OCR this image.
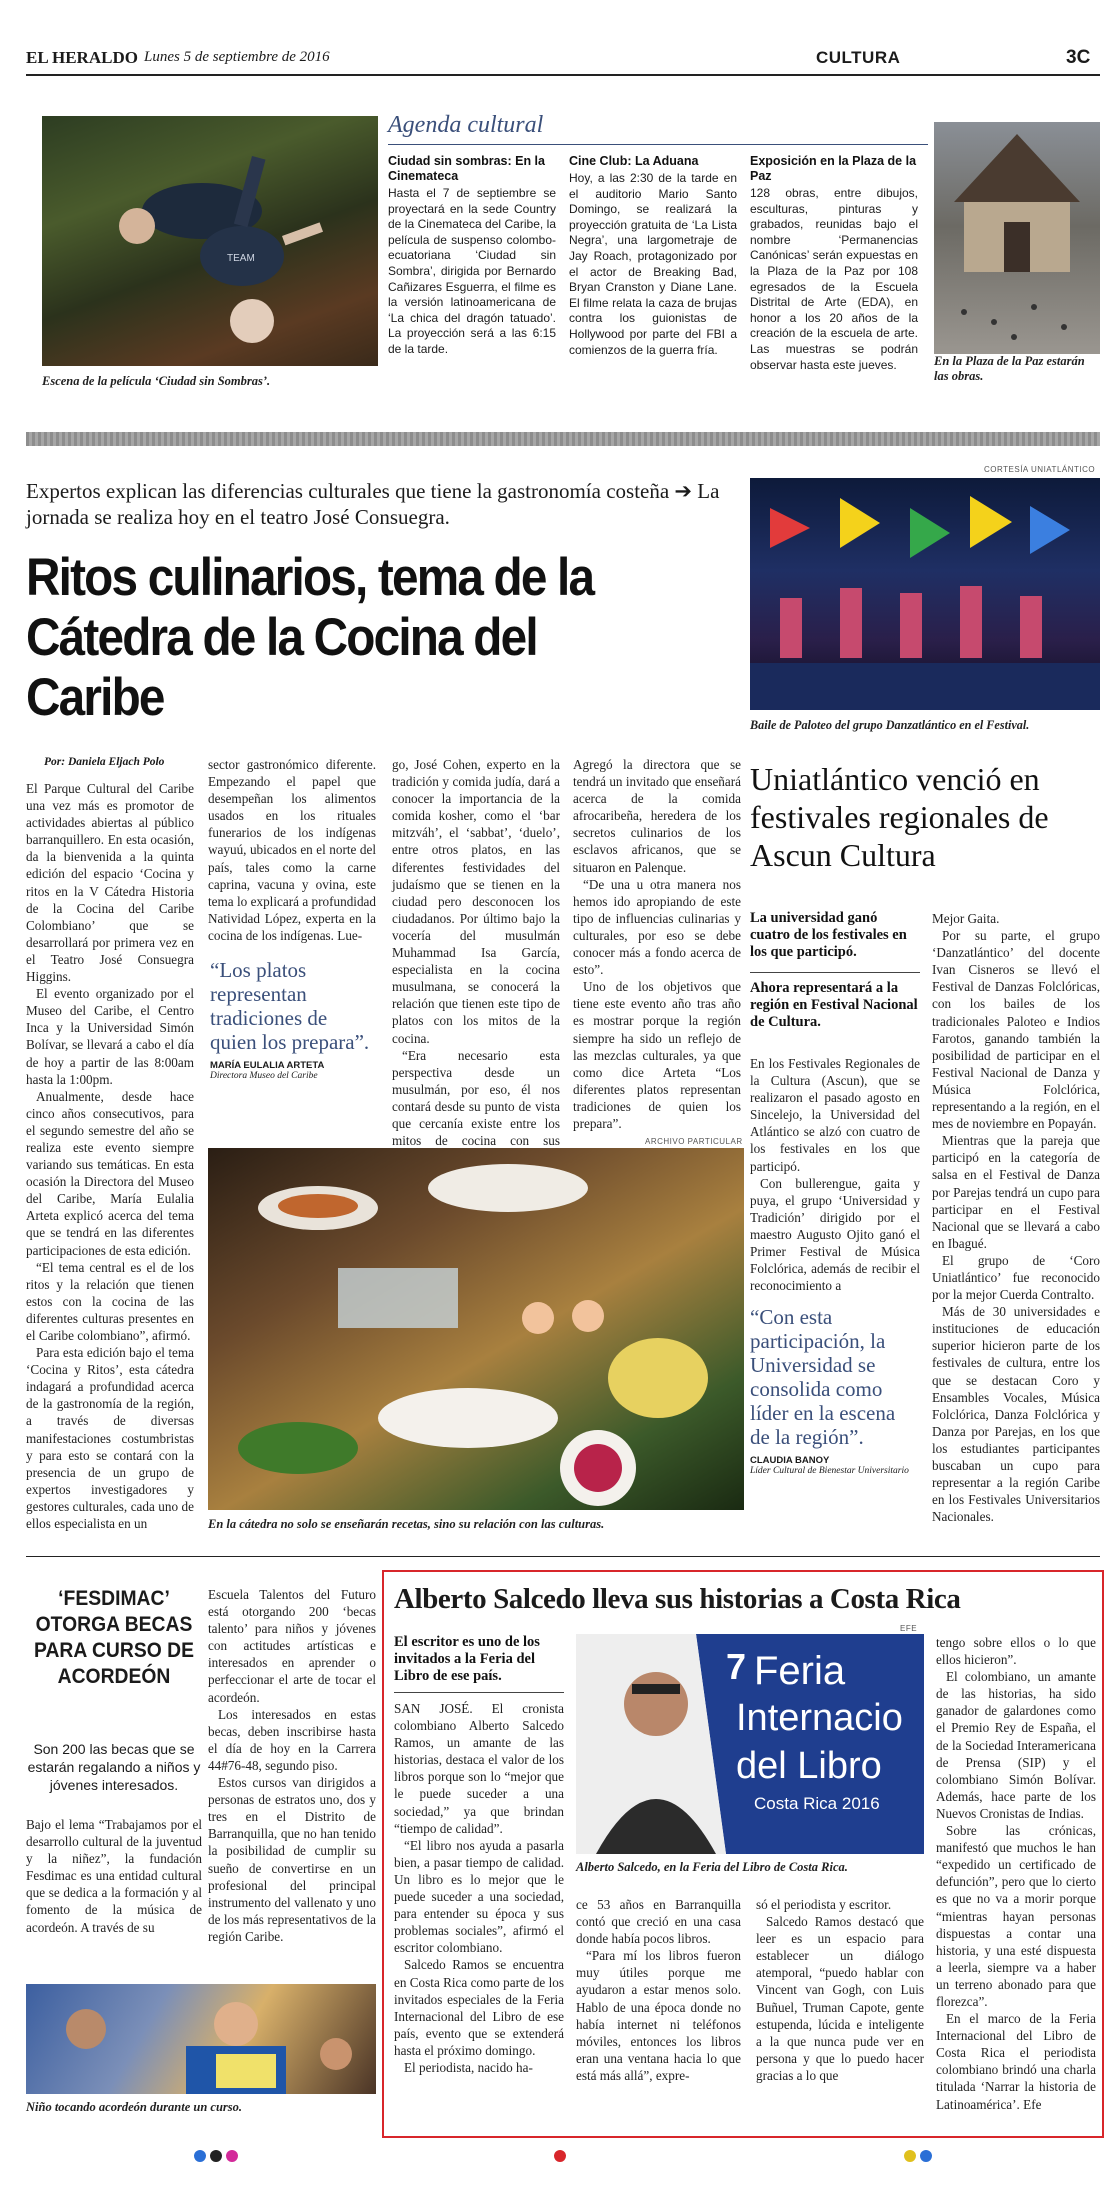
EL HERALDO Lunes 5 de septiembre de 2016	CULTURA	3C
TEAM
Escena de la película ‘Ciudad sin Sombras’.
Agenda cultural
Ciudad sin sombras: En la Cinemateca
Hasta el 7 de septiembre se proyectará en la sede Country de la Cinemateca del Caribe, la película de suspenso colombo-ecuatoriana ‘Ciudad sin Sombra’, dirigida por Bernardo Cañizares Esguerra, el filme es la versión latinoamericana de ‘La chica del dragón tatuado’. La proyección será a las 6:15 de la tarde.
Cine Club: La Aduana
Hoy, a las 2:30 de la tarde en el auditorio Mario Santo Domingo, se realizará la proyección gratuita de ‘La Lista Negra’, una largometraje de Jay Roach, protagonizado por el actor de Breaking Bad, Bryan Cranston y Diane Lane. El filme relata la caza de brujas contra los guionistas de Hollywood por parte del FBI a comienzos de la guerra fría.
Exposición en la Plaza de la Paz
128 obras, entre dibujos, esculturas, pinturas y grabados, reunidas bajo el nombre ‘Permanencias Canónicas’ serán expuestas en la Plaza de la Paz por 108 egresados de la Escuela Distrital de Arte (EDA), en honor a los 20 años de la creación de la escuela de arte. Las muestras se podrán observar hasta este jueves.	En la Plaza de la Paz estarán las obras.
Expertos explican las diferencias culturales que tiene la gastronomía costeña ➔ La jornada se realiza hoy en el teatro José Consuegra.
Ritos culinarios, tema de la Cátedra de la Cocina del Caribe
CORTESÍA UNIATLÁNTICO
Baile de Paloteo del grupo Danzatlántico en el Festival.
Por: Daniela Eljach Polo

El Parque Cultural del Caribe una vez más es promotor de actividades abiertas al público barranquillero. En esta ocasión, da la bienvenida a la quinta edición del espacio ‘Cocina y ritos en la V Cátedra Historia de la Cocina del Caribe Colombiano’ que se desarrollará por primera vez en el Teatro José Consuegra Higgins.

El evento organizado por el Museo del Caribe, el Centro Inca y la Universidad Simón Bolívar, se llevará a cabo el día de hoy a partir de las 8:00am hasta la 1:00pm.

Anualmente, desde hace cinco años consecutivos, para el segundo semestre del año se realiza este evento siempre variando sus temáticas. En esta ocasión la Directora del Museo del Caribe, María Eulalia Arteta explicó acerca del tema que se tendrá en las diferentes participaciones de esta edición.

“El tema central es el de los ritos y la relación que tienen estos con la cocina de las diferentes culturas presentes en el Caribe colombiano”, afirmó.

Para esta edición bajo el tema ‘Cocina y Ritos’, esta cátedra indagará a profundidad acerca de la gastronomía de la región, a través de diversas manifestaciones costumbristas y para esto se contará con la presencia de un grupo de expertos investigadores y gestores culturales, cada uno de ellos especialista en un

sector gastronómico diferente. Empezando el papel que desempeñan los alimentos usados en los rituales funerarios de los indígenas wayuú, ubicados en el norte del país, tales como la carne caprina, vacuna y ovina, este tema lo explicará a profundidad Natividad López, experta en la cocina de los indígenas. Lue-

go, José Cohen, experto en la tradición y comida judía, dará a conocer la importancia de la comida kosher, como el ‘bar mitzváh’, el ‘sabbat’, ‘duelo’, entre otros platos, en las diferentes festividades del judaísmo que se tienen en la ciudad pero desconocen los ciudadanos. Por último bajo la vocería del musulmán Muhammad Isa García, especialista en la cocina musulmana, se conocerá la relación que tienen este tipo de platos con los mitos de la cocina.

“Era necesario esta perspectiva desde un musulmán, por eso, él nos contará desde su punto de vista que cercanía existe entre los mitos de cocina con sus

Agregó la directora que se tendrá un invitado que enseñará acerca de la comida afrocaribeña, heredera de los secretos culinarios de los esclavos africanos, que se situaron en Palenque.

“De una u otra manera nos hemos ido apropiando de este tipo de influencias culinarias y culturales, por eso se debe conocer más a fondo acerca de esto”.

Uno de los objetivos que tiene este evento año tras año es mostrar porque la región siempre ha sido un reflejo de las mezclas culturales, ya que como dice Arteta “Los diferentes platos representan tradiciones de quien los prepara”.

“Los platos representan tradiciones de quien los prepara”.
MARÍA EULALIA ARTETA
Directora Museo del Caribe
ARCHIVO PARTICULAR
En la cátedra no solo se enseñarán recetas, sino su relación con las culturas.
Uniatlántico venció en festivales regionales de Ascun Cultura
La universidad ganó cuatro de los festivales en los que participó.
Ahora representará a la región en Festival Nacional de Cultura.

En los Festivales Regionales de la Cultura (Ascun), que se realizaron el pasado agosto en Sincelejo, la Universidad del Atlántico se alzó con cuatro de los festivales en los que participó.

Con bullerengue, gaita y puya, el grupo ‘Universidad y Tradición’ dirigido por el maestro Augusto Ojito ganó el Primer Festival de Música Folclórica, además de recibir el reconocimiento a

“Con esta participación, la Universidad se consolida como líder en la escena de la región”.
CLAUDIA BANOY
Líder Cultural de Bienestar Universitario

Mejor Gaita.

Por su parte, el grupo ‘Danzatlántico’ del docente Ivan Cisneros se llevó el Festival de Danzas Folclóricas, con los bailes de los tradicionales Paloteo e Indios Farotos, ganando también la posibilidad de participar en el Festival Nacional de Danza y Música Folclórica, representando a la región, en el mes de noviembre en Popayán.

Mientras que la pareja que participó en la categoría de salsa en el Festival de Danza por Parejas tendrá un cupo para participar en el Festival Nacional que se llevará a cabo en Ibagué.

El grupo de ‘Coro Uniatlántico’ fue reconocido por la mejor Cuerda Contralto.

Más de 30 universidades e instituciones de educación superior hicieron parte de los festivales de cultura, entre los que se destacan Coro y Ensambles Vocales, Música Folclórica, Danza Folclórica y Danza por Parejas, en los que los estudiantes participantes buscaban un cupo para representar a la región Caribe en los Festivales Universitarios Nacionales.

‘FESDIMAC’ OTORGA BECAS PARA CURSO DE ACORDEÓN
Son 200 las becas que se estarán regalando a niños y jóvenes interesados.

Bajo el lema “Trabajamos por el desarrollo cultural de la juventud y la niñez”, la fundación Fesdimac es una entidad cultural que se dedica a la formación y al fomento de la música de acordeón. A través de su

Escuela Talentos del Futuro está otorgando 200 ‘becas talento’ para niños y jóvenes con actitudes artísticas e interesados en aprender o perfeccionar el arte de tocar el acordeón.

Los interesados en estas becas, deben inscribirse hasta el día de hoy en la Carrera 44#76-48, segundo piso.

Estos cursos van dirigidos a personas de estratos uno, dos y tres en el Distrito de Barranquilla, que no han tenido la posibilidad de cumplir su sueño de convertirse en un profesional del principal instrumento del vallenato y uno de los más representativos de la región Caribe.

Niño tocando acordeón durante un curso.
Alberto Salcedo lleva sus historias a Costa Rica
EFE
El escritor es uno de los invitados a la Feria del Libro de ese país.

SAN JOSÉ. El cronista colombiano Alberto Salcedo Ramos, un amante de las historias, destaca el valor de los libros porque son lo “mejor que le puede suceder a una sociedad,” ya que brindan “tiempo de calidad”.

“El libro nos ayuda a pasarla bien, a pasar tiempo de calidad. Un libro es lo mejor que le puede suceder a una sociedad, para entender su época y sus problemas sociales”, afirmó el escritor colombiano.

Salcedo Ramos se encuentra en Costa Rica como parte de los invitados especiales de la Feria Internacional del Libro de ese país, evento que se extenderá hasta el próximo domingo.

El periodista, nacido ha-

7 Feria
Internacio
del Libro
Costa Rica 2016
Alberto Salcedo, en la Feria del Libro de Costa Rica.

ce 53 años en Barranquilla contó que creció en una casa donde había pocos libros.

“Para mí los libros fueron muy útiles porque me ayudaron a estar menos solo. Hablo de una época donde no había internet ni teléfonos móviles, entonces los libros eran una ventana hacia lo que está más allá”, expre-

só el periodista y escritor.

Salcedo Ramos destacó que leer es un espacio para establecer un diálogo atemporal, “puedo hablar con Vincent van Gogh, con Luis Buñuel, Truman Capote, gente estupenda, lúcida e inteligente a la que nunca pude ver en persona y que lo puedo hacer gracias a lo que

tengo sobre ellos o lo que ellos hicieron”.

El colombiano, un amante de las historias, ha sido ganador de galardones como el Premio Rey de España, el de la Sociedad Interamericana de Prensa (SIP) y el colombiano Simón Bolívar. Además, hace parte de los Nuevos Cronistas de Indias.

Sobre las crónicas, manifestó que muchos le han “expedido un certificado de defunción”, pero que lo cierto es que no va a morir porque “mientras hayan personas dispuestas a contar una historia, y una esté dispuesta a leerla, siempre va a haber un terreno abonado para que florezca”.

En el marco de la Feria Internacional del Libro de Costa Rica el periodista colombiano brindó una charla titulada ‘Narrar la historia de Latinoamérica’. Efe
